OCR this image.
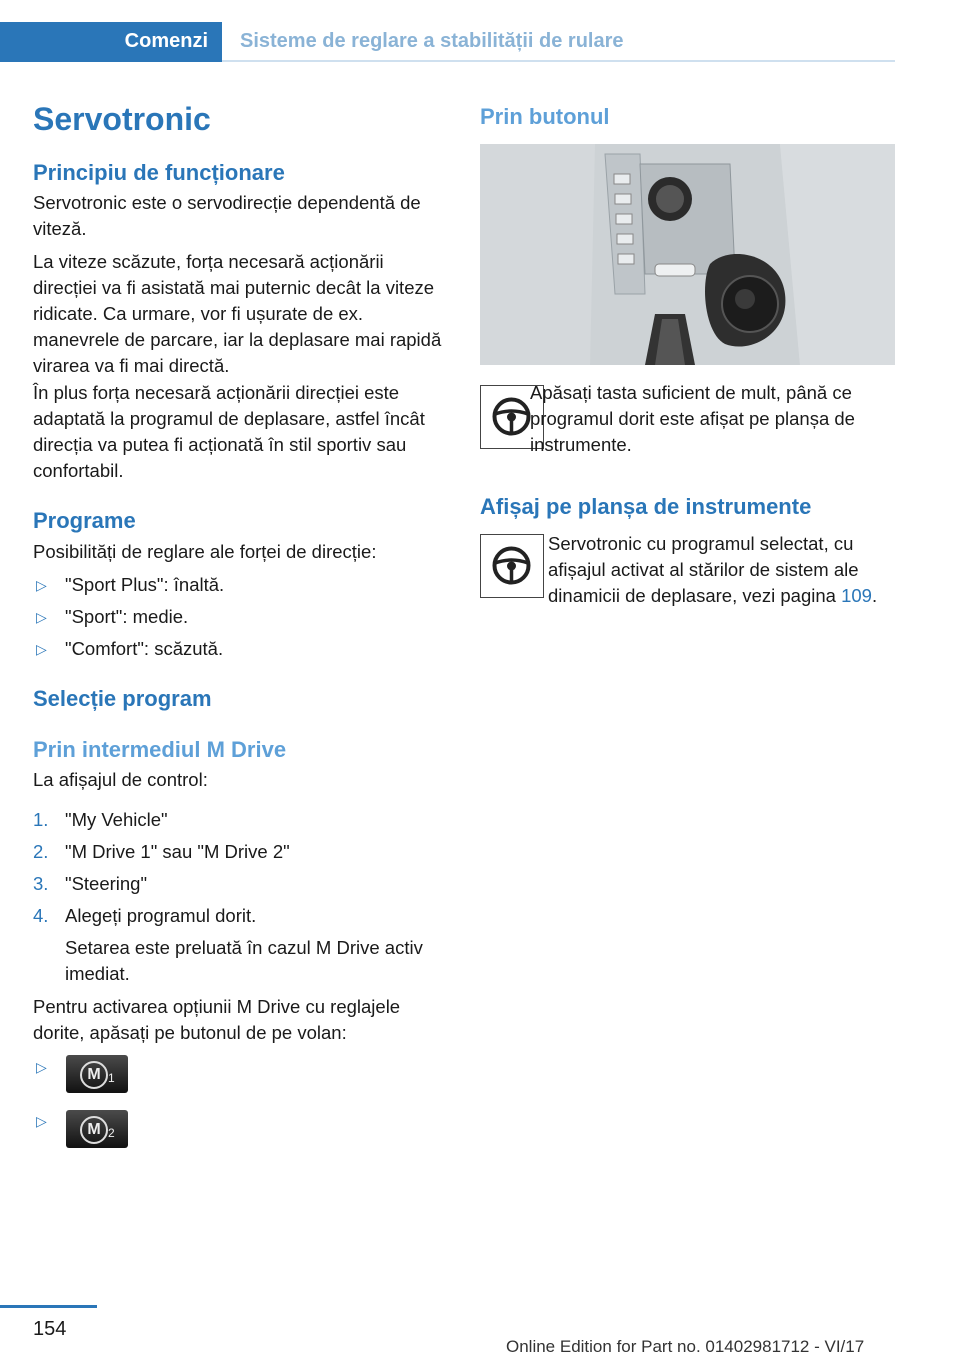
Comenzi Sisteme de reglare a stabilității de rulare
Servotronic
Principiu de funcționare
Servotronic este o servodirecție dependentă de viteză.
La viteze scăzute, forța necesară acționării direcției va fi asistată mai puternic decât la viteze ridicate. Ca urmare, vor fi ușurate de ex. manevrele de parcare, iar la deplasare mai rapidă virarea va fi mai directă.
În plus forța necesară acționării direcției este adaptată la programul de deplasare, astfel încât direcția va putea fi acționată în stil sportiv sau confortabil.
Programe
Posibilități de reglare ale forței de direcție:
▷ "Sport Plus": înaltă.
▷ "Sport": medie.
▷ "Comfort": scăzută.
Selecție program
Prin intermediul M Drive
La afișajul de control:
1. "My Vehicle"
2. "M Drive 1" sau "M Drive 2"
3. "Steering"
4. Alegeți programul dorit.
Setarea este preluată în cazul M Drive activ imediat.
Pentru activarea opțiunii M Drive cu reglajele dorite, apăsați pe butonul de pe volan:
▷	M 1
▷	M 2
Prin butonul
Apăsați tasta suficient de mult, până ce programul dorit este afișat pe planșa de instrumente.
Afișaj pe planșa de instrumente
Servotronic cu programul selectat, cu afișajul activat al stărilor de sistem ale dinamicii de deplasare, vezi pagina 109.
154
Online Edition for Part no. 01402981712 - VI/17
